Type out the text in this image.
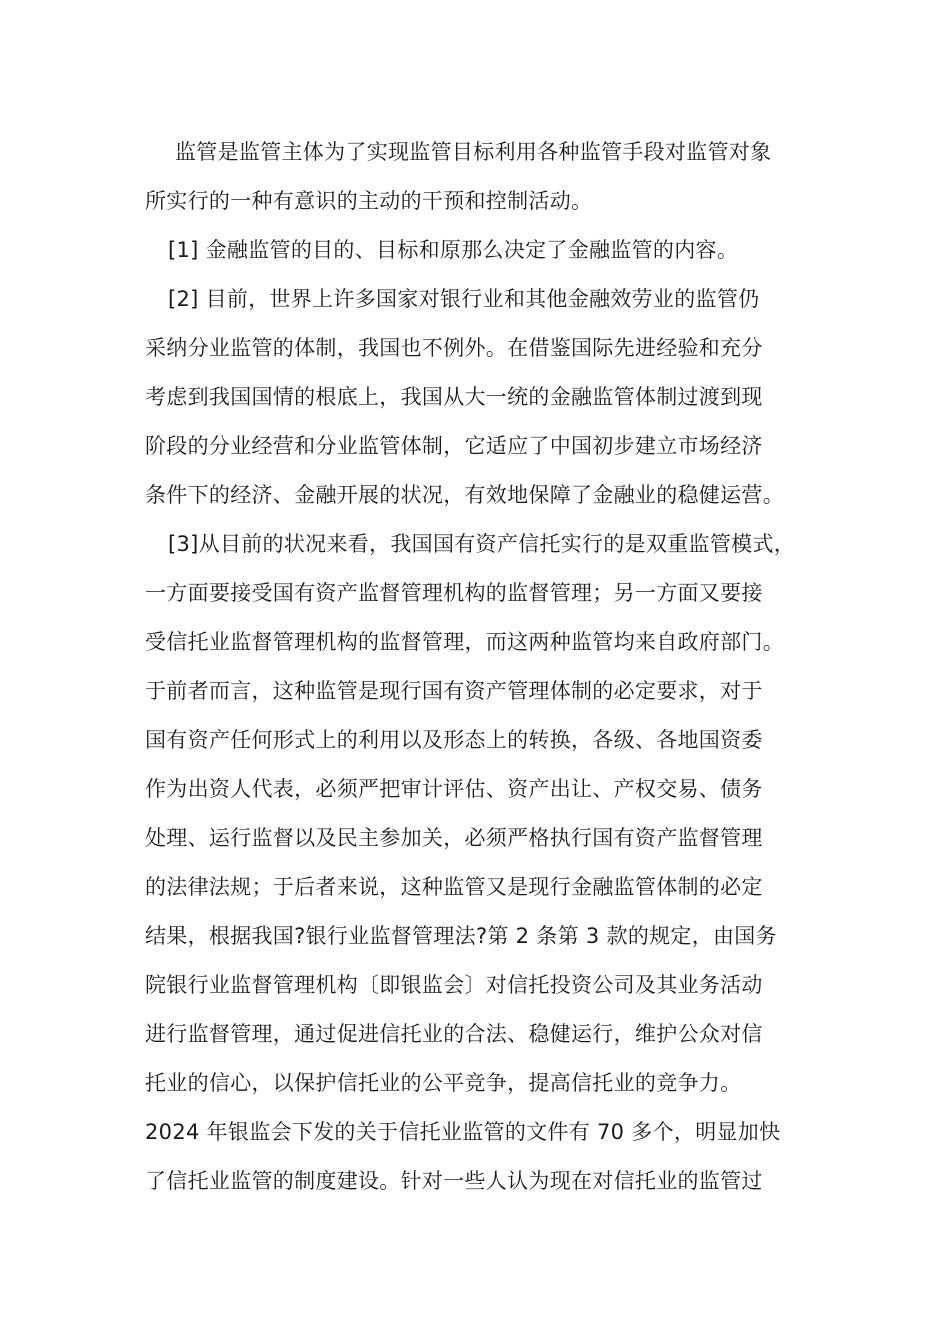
监管是监管主体为了实现监管目标利用各种监管手段对监管对象

所实行的一种有意识的主动的干预和控制活动。

[1] 金融监管的目的、目标和原那么决定了金融监管的内容。

[2] 目前，世界上许多国家对银行业和其他金融效劳业的监管仍

采纳分业监管的体制，我国也不例外。在借鉴国际先进经验和充分

考虑到我国国情的根底上，我国从大一统的金融监管体制过渡到现

阶段的分业经营和分业监管体制，它适应了中国初步建立市场经济

条件下的经济、金融开展的状况，有效地保障了金融业的稳健运营。

[3]从目前的状况来看，我国国有资产信托实行的是双重监管模式，

一方面要接受国有资产监督管理机构的监督管理；另一方面又要接

受信托业监督管理机构的监督管理，而这两种监管均来自政府部门。

于前者而言，这种监管是现行国有资产管理体制的必定要求，对于

国有资产任何形式上的利用以及形态上的转换，各级、各地国资委

作为出资人代表，必须严把审计评估、资产出让、产权交易、债务

处理、运行监督以及民主参加关，必须严格执行国有资产监督管理

的法律法规；于后者来说，这种监管又是现行金融监管体制的必定

结果，根据我国?银行业监督管理法?第 2 条第 3 款的规定，由国务

院银行业监督管理机构〔即银监会〕对信托投资公司及其业务活动

进行监督管理，通过促进信托业的合法、稳健运行，维护公众对信

托业的信心，以保护信托业的公平竞争，提高信托业的竞争力。

2024 年银监会下发的关于信托业监管的文件有 70 多个，明显加快

了信托业监管的制度建设。针对一些人认为现在对信托业的监管过
